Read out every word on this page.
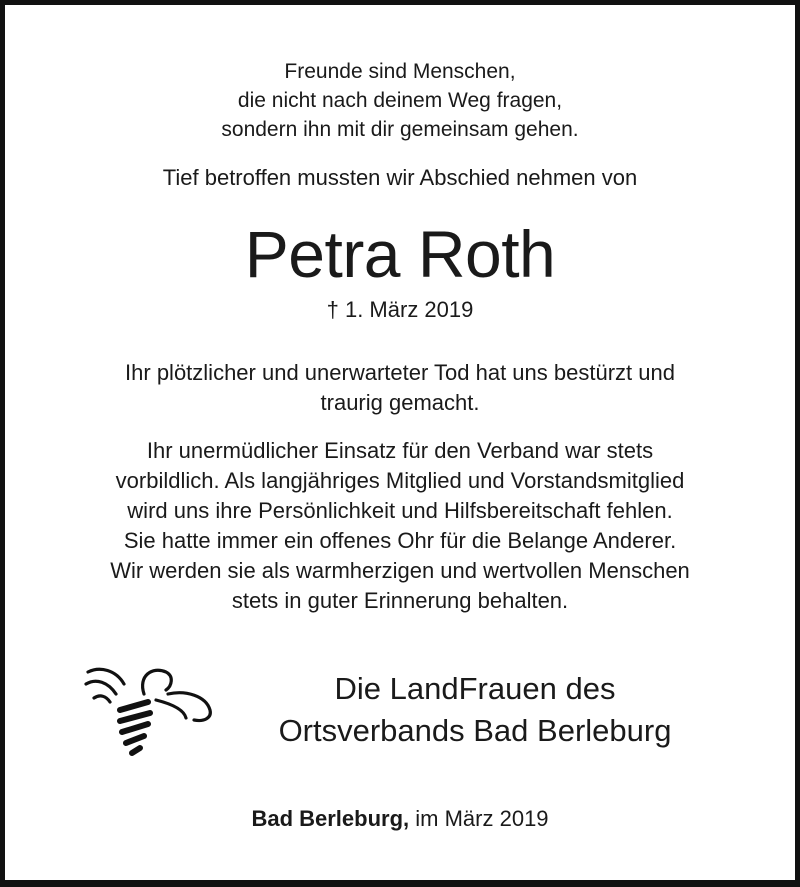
Freunde sind Menschen,
die nicht nach deinem Weg fragen,
sondern ihn mit dir gemeinsam gehen.
Tief betroffen mussten wir Abschied nehmen von
Petra Roth
† 1. März 2019
Ihr plötzlicher und unerwarteter Tod hat uns bestürzt und
traurig gemacht.
Ihr unermüdlicher Einsatz für den Verband war stets
vorbildlich. Als langjähriges Mitglied und Vorstandsmitglied
wird uns ihre Persönlichkeit und Hilfsbereitschaft fehlen.
Sie hatte immer ein offenes Ohr für die Belange Anderer.
Wir werden sie als warmherzigen und wertvollen Menschen
stets in guter Erinnerung behalten.
Die LandFrauen des
Ortsverbands Bad Berleburg
Bad Berleburg, im März 2019
